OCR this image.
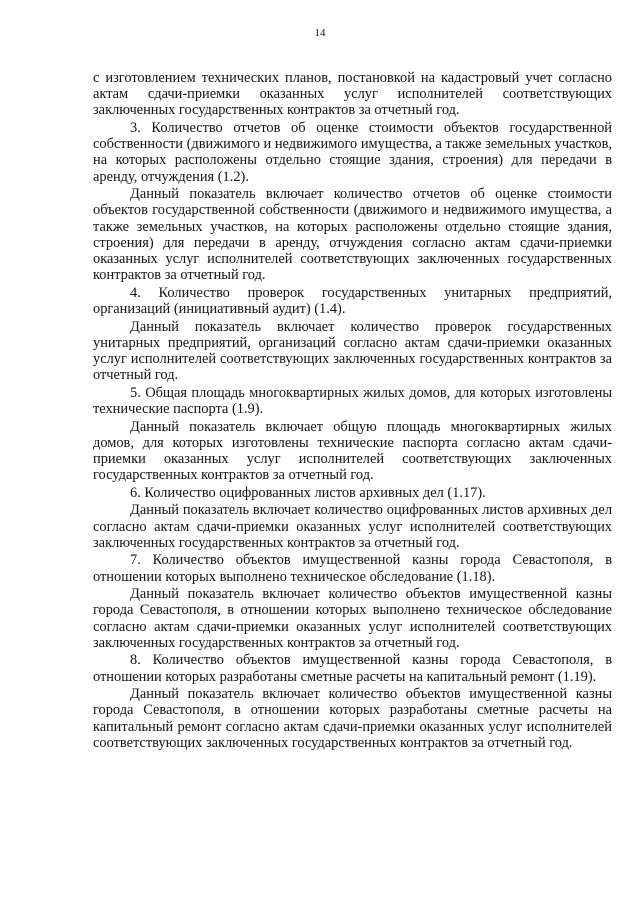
14

с изготовлением технических планов, постановкой на кадастровый учет согласно актам сдачи-приемки оказанных услуг исполнителей соответствующих заключенных государственных контрактов за отчетный год.

3. Количество отчетов об оценке стоимости объектов государственной собственности (движимого и недвижимого имущества, а также земельных участков, на которых расположены отдельно стоящие здания, строения) для передачи в аренду, отчуждения (1.2).

Данный показатель включает количество отчетов об оценке стоимости объектов государственной собственности (движимого и недвижимого имущества, а также земельных участков, на которых расположены отдельно стоящие здания, строения) для передачи в аренду, отчуждения согласно актам сдачи-приемки оказанных услуг исполнителей соответствующих заключенных государственных контрактов за отчетный год.

4. Количество проверок государственных унитарных предприятий, организаций (инициативный аудит) (1.4).

Данный показатель включает количество проверок государственных унитарных предприятий, организаций согласно актам сдачи-приемки оказанных услуг исполнителей соответствующих заключенных государственных контрактов за отчетный год.

5. Общая площадь многоквартирных жилых домов, для которых изготовлены технические паспорта (1.9).

Данный показатель включает общую площадь многоквартирных жилых домов, для которых изготовлены технические паспорта согласно актам сдачи-приемки оказанных услуг исполнителей соответствующих заключенных государственных контрактов за отчетный год.

6. Количество оцифрованных листов архивных дел (1.17).

Данный показатель включает количество оцифрованных листов архивных дел согласно актам сдачи-приемки оказанных услуг исполнителей соответствующих заключенных государственных контрактов за отчетный год.

7. Количество объектов имущественной казны города Севастополя, в отношении которых выполнено техническое обследование (1.18).

Данный показатель включает количество объектов имущественной казны города Севастополя, в отношении которых выполнено техническое обследование согласно актам сдачи-приемки оказанных услуг исполнителей соответствующих заключенных государственных контрактов за отчетный год.

8. Количество объектов имущественной казны города Севастополя, в отношении которых разработаны сметные расчеты на капитальный ремонт (1.19).

Данный показатель включает количество объектов имущественной казны города Севастополя, в отношении которых разработаны сметные расчеты на капитальный ремонт согласно актам сдачи-приемки оказанных услуг исполнителей соответствующих заключенных государственных контрактов за отчетный год.
